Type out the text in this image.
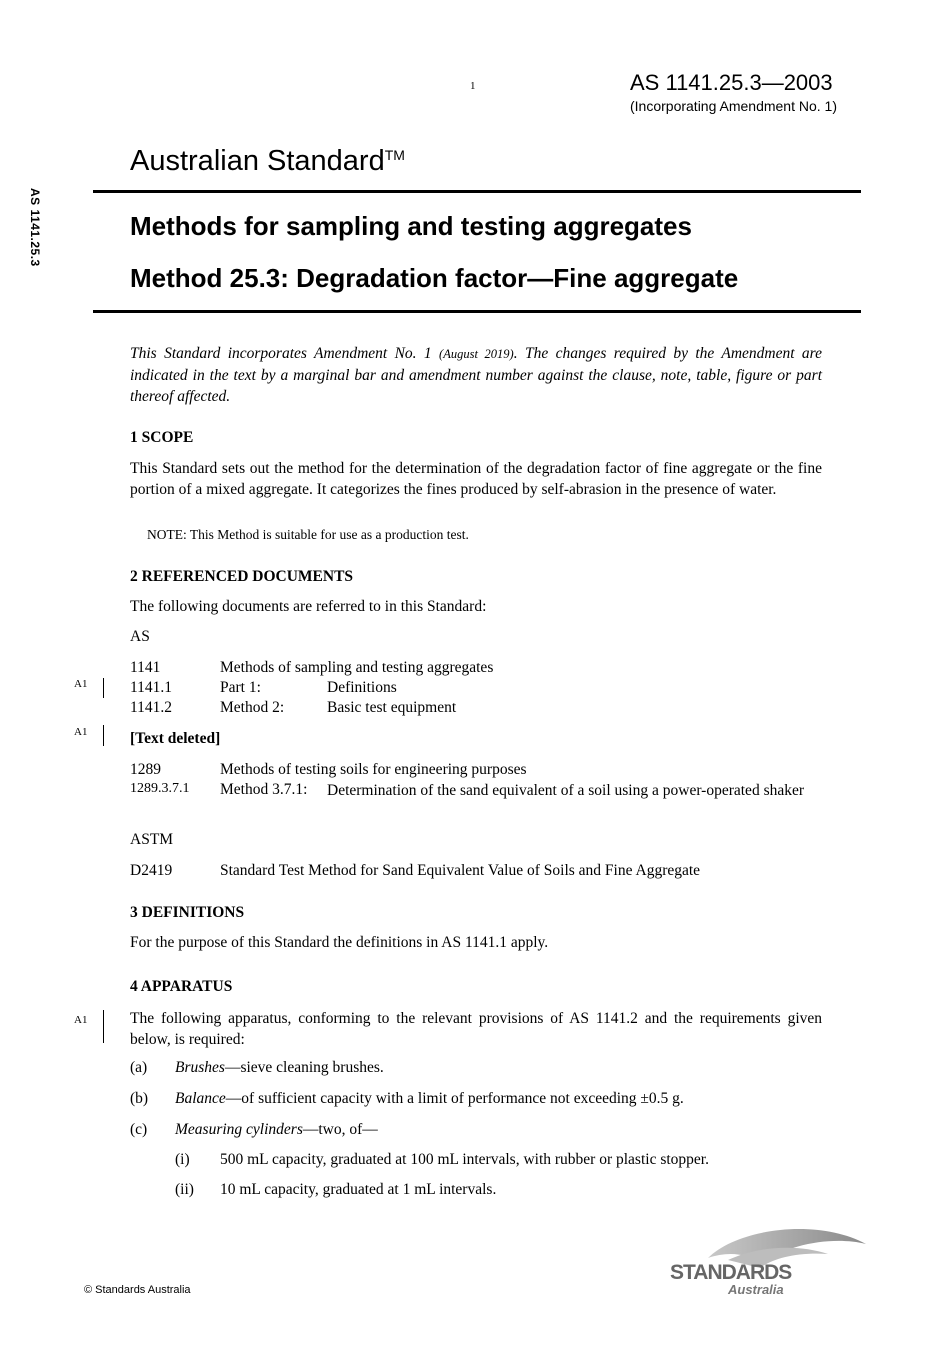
1	AS 1141.25.3—2003
(Incorporating Amendment No. 1)
AS 1141.25.3
Australian Standard™
Methods for sampling and testing aggregates
Method 25.3: Degradation factor—Fine aggregate
This Standard incorporates Amendment No. 1 (August 2019). The changes required by the Amendment are indicated in the text by a marginal bar and amendment number against the clause, note, table, figure or part thereof affected.
1 SCOPE
This Standard sets out the method for the determination of the degradation factor of fine aggregate or the fine portion of a mixed aggregate. It categorizes the fines produced by self-abrasion in the presence of water.
NOTE: This Method is suitable for use as a production test.
2 REFERENCED DOCUMENTS
The following documents are referred to in this Standard:
AS
1141	Methods of sampling and testing aggregates
1141.1	Part 1:	Definitions
1141.2	Method 2:	Basic test equipment
A1
[Text deleted]
A1
1289	Methods of testing soils for engineering purposes
1289.3.7.1 Method 3.7.1: Determination of the sand equivalent of a soil using a power-operated shaker
ASTM
D2419	Standard Test Method for Sand Equivalent Value of Soils and Fine Aggregate
3 DEFINITIONS
For the purpose of this Standard the definitions in AS 1141.1 apply.
4 APPARATUS
The following apparatus, conforming to the relevant provisions of AS 1141.2 and the requirements given below, is required:
A1
(a) Brushes—sieve cleaning brushes.
(b) Balance—of sufficient capacity with a limit of performance not exceeding ±0.5 g.
(c) Measuring cylinders—two, of—
(i) 500 mL capacity, graduated at 100 mL intervals, with rubber or plastic stopper.
(ii) 10 mL capacity, graduated at 1 mL intervals.
© Standards Australia
STANDARDS
Australia
